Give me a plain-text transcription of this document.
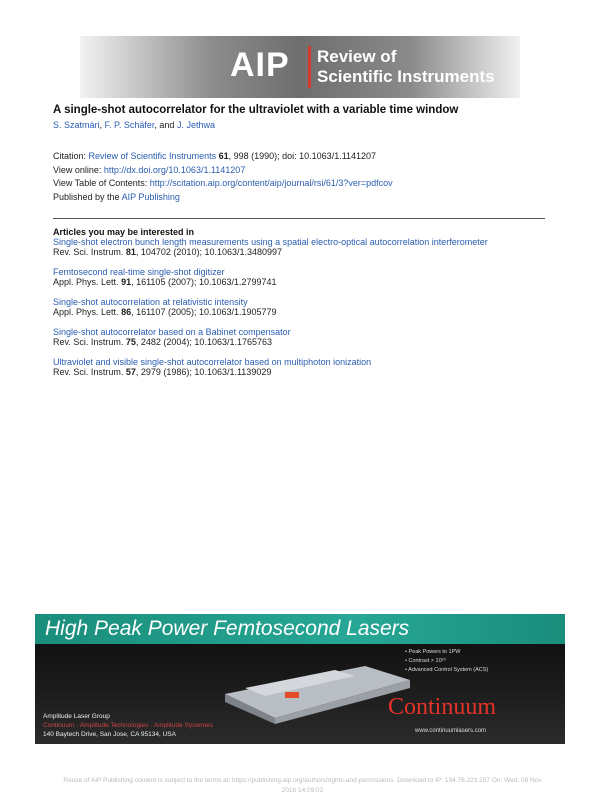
AIP Review of
Scientific Instruments
A single-shot autocorrelator for the ultraviolet with a variable time window
S. Szatmári, F. P. Schäfer, and J. Jethwa
Citation: Review of Scientific Instruments 61, 998 (1990); doi: 10.1063/1.1141207
View online: http://dx.doi.org/10.1063/1.1141207
View Table of Contents: http://scitation.aip.org/content/aip/journal/rsi/61/3?ver=pdfcov
Published by the AIP Publishing
Articles you may be interested in
Single-shot electron bunch length measurements using a spatial electro-optical autocorrelation interferometer
Rev. Sci. Instrum. 81, 104702 (2010); 10.1063/1.3480997
Femtosecond real-time single-shot digitizer
Appl. Phys. Lett. 91, 161105 (2007); 10.1063/1.2799741
Single-shot autocorrelation at relativistic intensity
Appl. Phys. Lett. 86, 161107 (2005); 10.1063/1.1905779
Single-shot autocorrelator based on a Babinet compensator
Rev. Sci. Instrum. 75, 2482 (2004); 10.1063/1.1765763
Ultraviolet and visible single-shot autocorrelator based on multiphoton ionization
Rev. Sci. Instrum. 57, 2979 (1986); 10.1063/1.1139029
High Peak Power Femtosecond Lasers
• Peak Powers to 1PW
• Contrast > 10¹⁰
• Advanced Control System (ACS)
Continuum
www.continuumlasers.com
Amplitude Laser Group
Continuum · Amplitude Technologies · Amplitude Systemes
140 Baytech Drive, San Jose, CA 95134, USA
Reuse of AIP Publishing content is subject to the terms at: https://publishing.aip.org/authors/rights-and-permissions. Download to IP: 134.76.223.157 On: Wed, 09 Nov
2016 14:09:02
